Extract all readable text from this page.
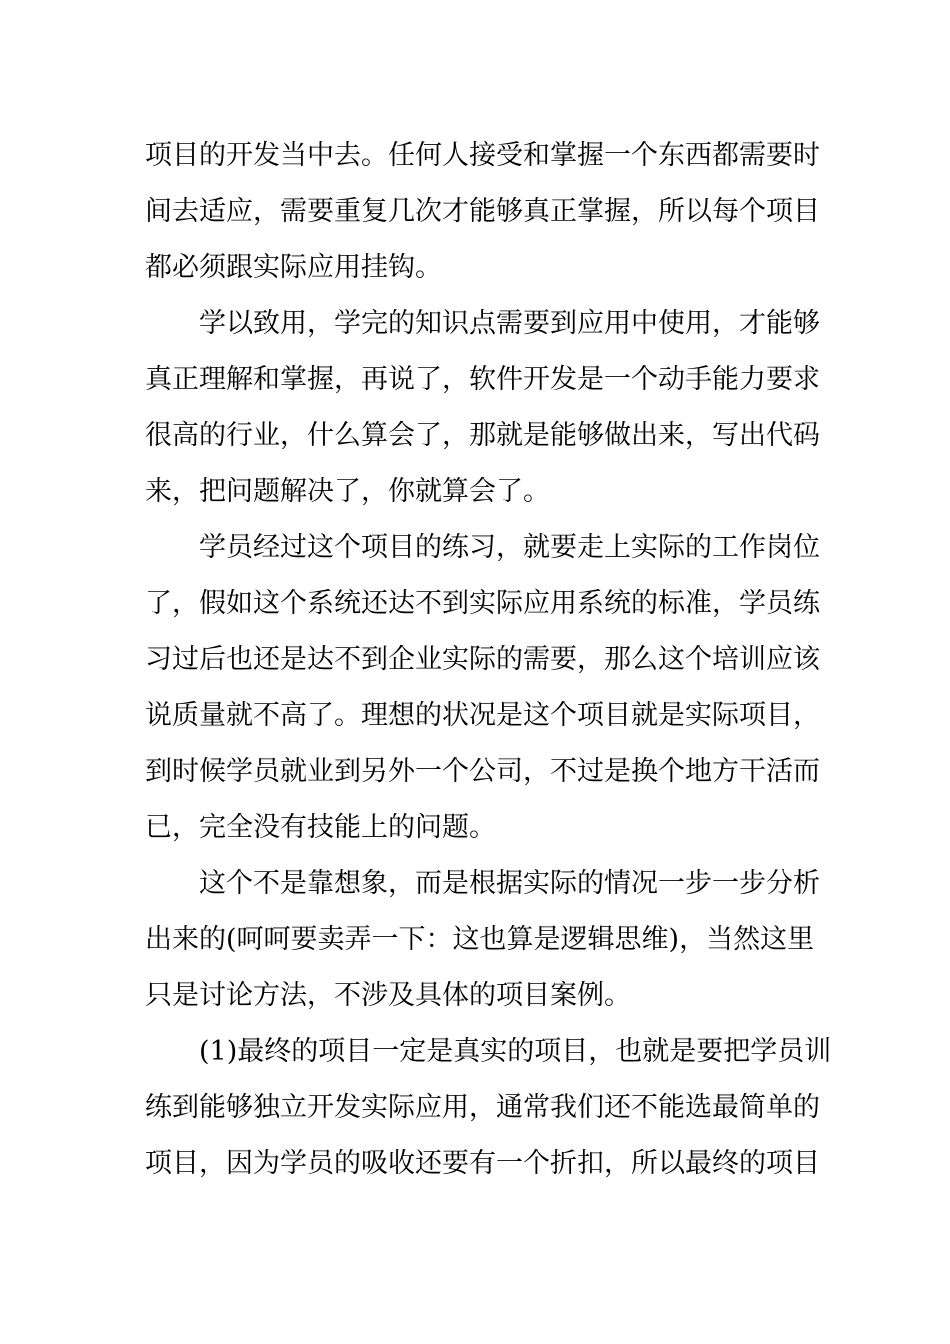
项目的开发当中去。任何人接受和掌握一个东西都需要时
间去适应，需要重复几次才能够真正掌握，所以每个项目
都必须跟实际应用挂钩。
学以致用，学完的知识点需要到应用中使用，才能够
真正理解和掌握，再说了，软件开发是一个动手能力要求
很高的行业，什么算会了，那就是能够做出来，写出代码
来，把问题解决了，你就算会了。
学员经过这个项目的练习，就要走上实际的工作岗位
了，假如这个系统还达不到实际应用系统的标准，学员练
习过后也还是达不到企业实际的需要，那么这个培训应该
说质量就不高了。理想的状况是这个项目就是实际项目，
到时候学员就业到另外一个公司，不过是换个地方干活而
已，完全没有技能上的问题。
这个不是靠想象，而是根据实际的情况一步一步分析
出来的(呵呵要卖弄一下：这也算是逻辑思维)，当然这里
只是讨论方法，不涉及具体的项目案例。
(1)最终的项目一定是真实的项目，也就是要把学员训
练到能够独立开发实际应用，通常我们还不能选最简单的
项目，因为学员的吸收还要有一个折扣，所以最终的项目
